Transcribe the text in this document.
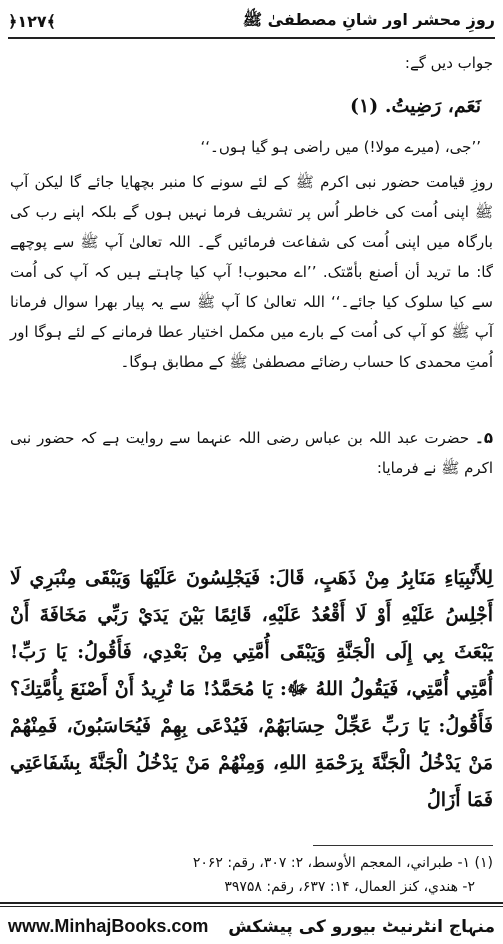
﴿۱۲۷﴾	روزِ محشر اور شانِ مصطفیٰ ﷺ
جواب دیں گے:
نَعَم، رَضِيتُ. (۱)
’’جی، (میرے مولا!) میں راضی ہو گیا ہوں۔‘‘
روزِ قیامت حضور نبی اکرم ﷺ کے لئے سونے کا منبر بچھایا جائے گا لیکن آپ ﷺ اپنی اُمت کی خاطر اُس پر تشریف فرما نہیں ہوں گے بلکہ اپنے رب کی بارگاہ میں اپنی اُمت کی شفاعت فرمائیں گے۔ اللہ تعالیٰ آپ ﷺ سے پوچھے گا: ما ترید أن أصنع بأمّتک. ’’اے محبوب! آپ کیا چاہتے ہیں کہ آپ کی اُمت سے کیا سلوک کیا جائے۔‘‘ اللہ تعالیٰ کا آپ ﷺ سے یہ پیار بھرا سوال فرمانا آپ ﷺ کو آپ کی اُمت کے بارے میں مکمل اختیار عطا فرمانے کے لئے ہوگا اور اُمتِ محمدی کا حساب رضائے مصطفیٰ ﷺ کے مطابق ہوگا۔
۵۔ حضرت عبد اللہ بن عباس رضی اللہ عنہما سے روایت ہے کہ حضور نبی اکرم ﷺ نے فرمایا:
لِلأَنْبِيَاءِ مَنَابِرُ مِنْ ذَهَبٍ، قَالَ: فَيَجْلِسُونَ عَلَيْهَا وَيَبْقَى مِنْبَرِي لَا أَجْلِسُ عَلَيْهِ أَوْ لَا أَقْعُدُ عَلَيْهِ، قَائِمًا بَيْنَ يَدَيْ رَبِّي مَخَافَةَ أَنْ يَبْعَثَ بِي إِلَى الْجَنَّةِ وَيَبْقَى أُمَّتِي مِنْ بَعْدِي، فَأَقُولُ: يَا رَبِّ! أُمَّتِي أُمَّتِي، فَيَقُولُ اللهُ ﷻ: يَا مُحَمَّدُ! مَا تُرِيدُ أَنْ أَصْنَعَ بِأُمَّتِكَ؟ فَأَقُولُ: يَا رَبِّ عَجِّلْ حِسَابَهُمْ، فَيُدْعَى بِهِمْ فَيُحَاسَبُونَ، فَمِنْهُمْ مَنْ يَدْخُلُ الْجَنَّةَ بِرَحْمَةِ اللهِ، وَمِنْهُمْ مَنْ يَدْخُلُ الْجَنَّةَ بِشَفَاعَتِي فَمَا أَزَالُ
(۱) ۱- طبراني، المعجم الأوسط، ۲: ۳۰۷، رقم: ۲۰۶۲
۲- هندي، كنز العمال، ۱۴: ۶۳۷، رقم: ۳۹۷۵۸
www.MinhajBooks.com منہاج انٹرنیٹ بیورو کی پیشکش
